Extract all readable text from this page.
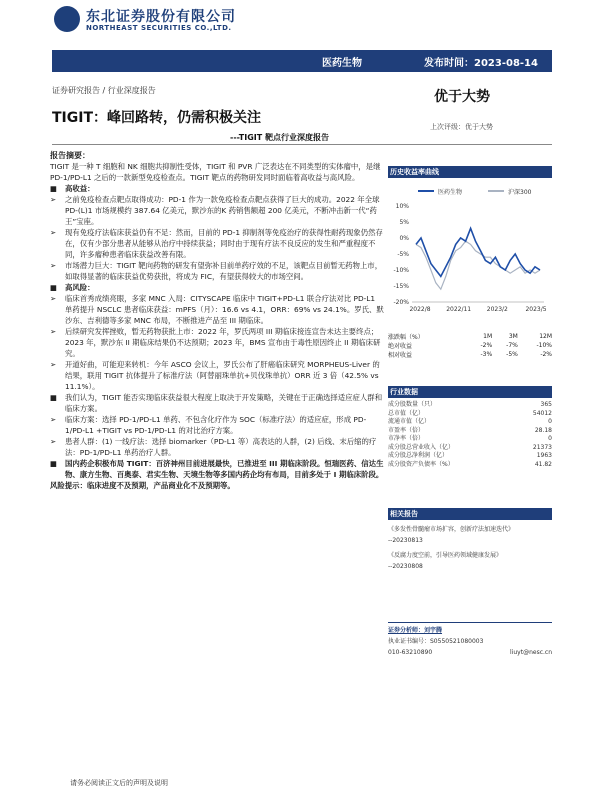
东北证券股份有限公司
NORTHEAST SECURITIES CO.,LTD.
医药生物	发布时间：2023-08-14
证券研究报告 / 行业深度报告
TIGIT：峰回路转，仍需积极关注
---TIGIT 靶点行业深度报告
优于大势
上次评级：优于大势

报告摘要：

TIGIT 是一种 T 细胞和 NK 细胞共抑制性受体，TIGIT 和 PVR 广泛表达在不同类型的实体瘤中，是继 PD-1/PD-L1 之后的一款新型免疫检查点。TIGIT 靶点的药物研发同时面临着高收益与高风险。

■ 高收益：

➢ 之前免疫检查点靶点取得成功：PD-1 作为一款免疫检查点靶点获得了巨大的成功。2022 年全球 PD-(L)1 市场规模约 387.64 亿美元，默沙东的K 药销售额超 200 亿美元，不断冲击新一代“药王”宝座。

➢ 现有免疫疗法临床获益仍有不足：然而，目前的 PD-1 抑制剂等免疫治疗的获得性耐药现象仍然存在，仅有少部分患者从能够从治疗中持续获益；同时由于现有疗法不良反应的发生和严重程度不同，许多瘤种患者临床获益改善有限。

➢ 市场潜力巨大：TIGIT 靶向药物的研发有望弥补目前单药疗效的不足，该靶点目前暂无药物上市，如取得显著的临床获益优势获批，将成为 FIC，有望获得较大的市场空间。

■ 高风险：

➢ 临床首秀成绩亮眼，多家 MNC 入局：CITYSCAPE 临床中 TIGIT+PD-L1 联合疗法对比 PD-L1 单药提升 NSCLC 患者临床获益：mPFS（月）：16.6 vs 4.1，ORR：69% vs 24.1%。罗氏、默沙东、吉利德等多家 MNC 布局，不断推进产品至 III 期临床。

➢ 后续研究发挥挫败，暂无药物获批上市：2022 年，罗氏两项 III 期临床接连宣告未达主要终点；2023 年，默沙东 II 期临床结果仍不达预期；2023 年，BMS 宣布由于毒性原因终止 II 期临床研究。

➢ 开道好曲，可能迎来转机：今年 ASCO 会议上，罗氏公布了肝癌临床研究 MORPHEUS-Liver 的结果，联用 TIGIT 抗体提升了标准疗法（阿替丽珠单抗+贝伐珠单抗）ORR 近 3 倍（42.5% vs 11.1%）。

■ 我们认为，TIGIT 能否实现临床获益很大程度上取决于开发策略，关键在于正确选择适应症人群和临床方案。

➢ 临床方案：选择 PD-1/PD-L1 单药、不包含化疗作为 SOC（标准疗法）的适应症，形成 PD-1/PD-L1 +TIGIT vs PD-1/PD-L1 的对比治疗方案。

➢ 患者人群：(1) 一线疗法：选择 biomarker（PD-L1 等）高表达的人群，(2) 后线、末后缩的疗法：PD-1/PD-L1 单药治疗人群。

■ 国内药企积极布局 TIGIT：百济神州目前进展最快，已推进至 III 期临床阶段。恒瑞医药、信达生物、康方生物、百奥泰、君实生物、天境生物等多国内药企均有布局，目前多处于 I 期临床阶段。

风险提示：临床进度不及预期，产品商业化不及预期等。

历史收益率曲线
医药生物	沪深300
10%
5%
0%
-5%
-10%
-15%
-20%
2022/8	2022/11	2023/2	2023/5
涨跌幅（%）	1M	3M	12M
绝对收益	-2%	-7%	-10%
相对收益	-3%	-5%	-2%
行业数据
成分股数量（只）	365
总市值（亿）	54012
流通市值（亿）	0
市盈率（倍）	28.18
市净率（倍）	0
成分股总营业收入（亿）	21373
成分股总净利润（亿）	1963
成分股资产负债率（%）	41.82
相关报告
《多发性骨髓瘤市场扩容，创新疗法加速迭代》
--20230813
《反腐力度空前，引导医药领域健康发展》
--20230808
证券分析师：刘宇腾
执业证书编号：S0550521080003
010-63210890	liuyt@nesc.cn
请务必阅读正文后的声明及说明
